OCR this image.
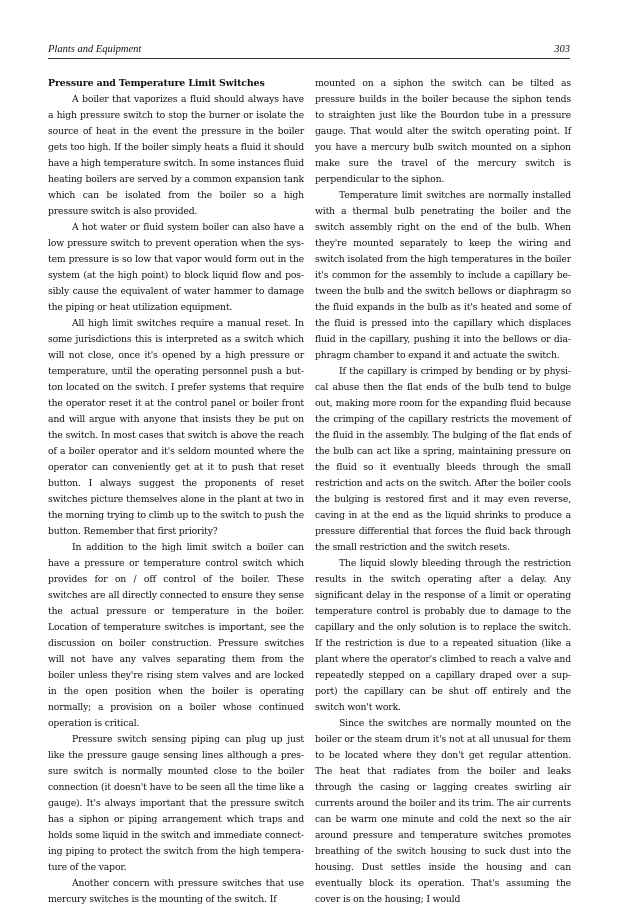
Plants and Equipment	303
Pressure and Temperature Limit Switches

A boiler that vaporizes a fluid should always have a high pressure switch to stop the burner or isolate the source of heat in the event the pressure in the boiler gets too high. If the boiler simply heats a fluid it should have a high temperature switch. In some instances fluid heating boilers are served by a common expansion tank which can be isolated from the boiler so a high pressure switch is also provided.

A hot water or fluid system boiler can also have a low pressure switch to prevent operation when the system pressure is so low that vapor would form out in the system (at the high point) to block liquid flow and possibly cause the equivalent of water hammer to damage the piping or heat utilization equipment.

All high limit switches require a manual reset. In some jurisdictions this is interpreted as a switch which will not close, once it's opened by a high pressure or temperature, until the operating personnel push a button located on the switch. I prefer systems that require the operator reset it at the control panel or boiler front and will argue with anyone that insists they be put on the switch. In most cases that switch is above the reach of a boiler operator and it's seldom mounted where the operator can conveniently get at it to push that reset button. I always suggest the proponents of reset switches picture themselves alone in the plant at two in the morning trying to climb up to the switch to push the button. Remember that first priority?

In addition to the high limit switch a boiler can have a pressure or temperature control switch which provides for on / off control of the boiler. These switches are all directly connected to ensure they sense the actual pressure or temperature in the boiler. Location of temperature switches is important, see the discussion on boiler construction. Pressure switches will not have any valves separating them from the boiler unless they're rising stem valves and are locked in the open position when the boiler is operating normally; a provision on a boiler whose continued operation is critical.

Pressure switch sensing piping can plug up just like the pressure gauge sensing lines although a pressure switch is normally mounted close to the boiler connection (it doesn't have to be seen all the time like a gauge). It's always important that the pressure switch has a siphon or piping arrangement which traps and holds some liquid in the switch and immediate connecting piping to protect the switch from the high temperature of the vapor.

Another concern with pressure switches that use mercury switches is the mounting of the switch. If

mounted on a siphon the switch can be tilted as pressure builds in the boiler because the siphon tends to straighten just like the Bourdon tube in a pressure gauge. That would alter the switch operating point. If you have a mercury bulb switch mounted on a siphon make sure the travel of the mercury switch is perpendicular to the siphon.

Temperature limit switches are normally installed with a thermal bulb penetrating the boiler and the switch assembly right on the end of the bulb. When they're mounted separately to keep the wiring and switch isolated from the high temperatures in the boiler it's common for the assembly to include a capillary between the bulb and the switch bellows or diaphragm so the fluid expands in the bulb as it's heated and some of the fluid is pressed into the capillary which displaces fluid in the capillary, pushing it into the bellows or diaphragm chamber to expand it and actuate the switch.

If the capillary is crimped by bending or by physical abuse then the flat ends of the bulb tend to bulge out, making more room for the expanding fluid because the crimping of the capillary restricts the movement of the fluid in the assembly. The bulging of the flat ends of the bulb can act like a spring, maintaining pressure on the fluid so it eventually bleeds through the small restriction and acts on the switch. After the boiler cools the bulging is restored first and it may even reverse, caving in at the end as the liquid shrinks to produce a pressure differential that forces the fluid back through the small restriction and the switch resets.

The liquid slowly bleeding through the restriction results in the switch operating after a delay. Any significant delay in the response of a limit or operating temperature control is probably due to damage to the capillary and the only solution is to replace the switch. If the restriction is due to a repeated situation (like a plant where the operator's climbed to reach a valve and repeatedly stepped on a capillary draped over a support) the capillary can be shut off entirely and the switch won't work.

Since the switches are normally mounted on the boiler or the steam drum it's not at all unusual for them to be located where they don't get regular attention. The heat that radiates from the boiler and leaks through the casing or lagging creates swirling air currents around the boiler and its trim. The air currents can be warm one minute and cold the next so the air around pressure and temperature switches promotes breathing of the switch housing to suck dust into the housing. Dust settles inside the housing and can eventually block its operation. That's assuming the cover is on the housing; I would
